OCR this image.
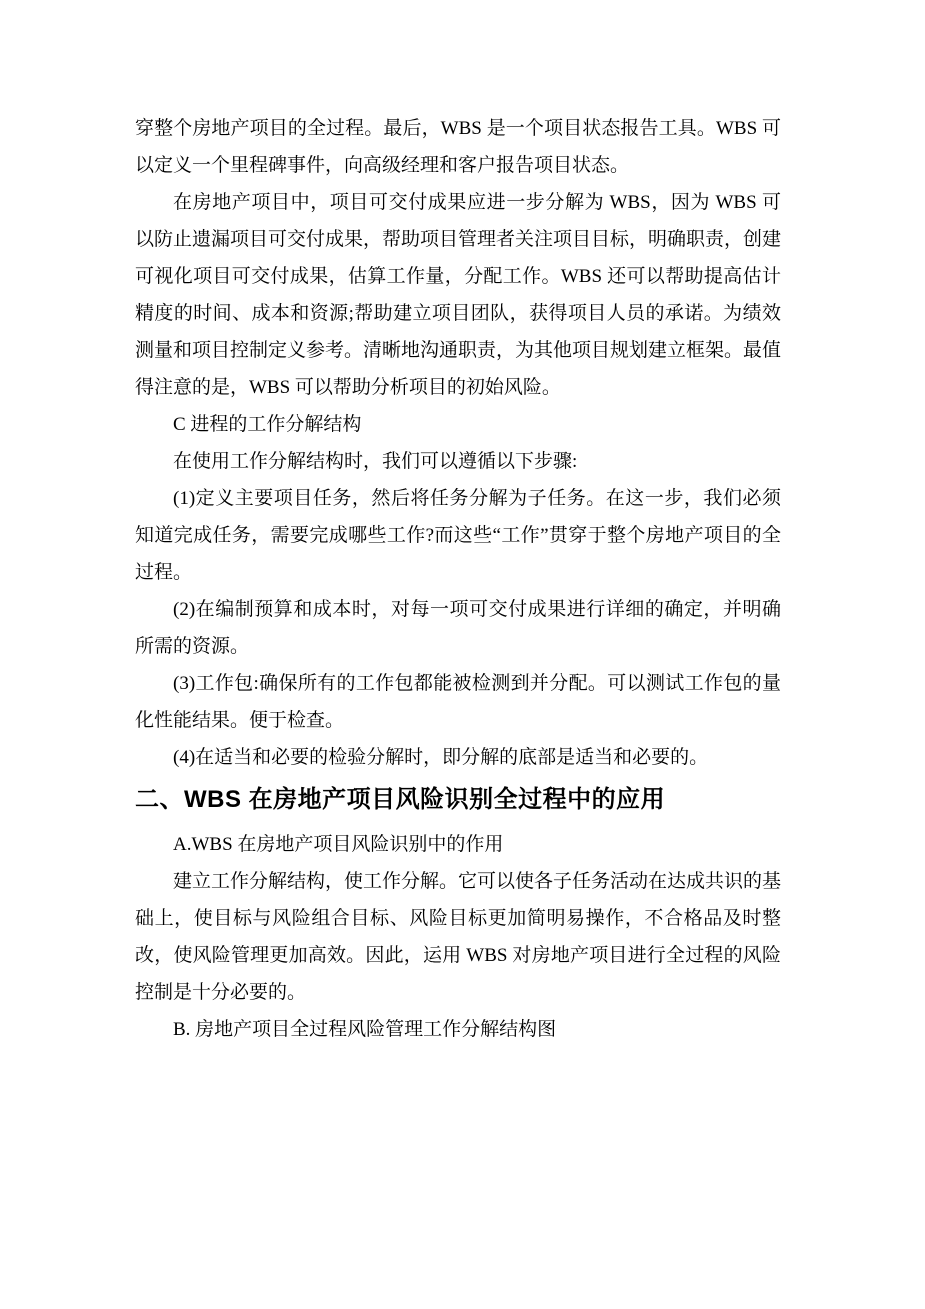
穿整个房地产项目的全过程。最后，WBS 是一个项目状态报告工具。WBS 可以定义一个里程碑事件，向高级经理和客户报告项目状态。

在房地产项目中，项目可交付成果应进一步分解为 WBS，因为 WBS 可以防止遗漏项目可交付成果，帮助项目管理者关注项目目标，明确职责，创建可视化项目可交付成果，估算工作量，分配工作。WBS 还可以帮助提高估计精度的时间、成本和资源;帮助建立项目团队，获得项目人员的承诺。为绩效测量和项目控制定义参考。清晰地沟通职责，为其他项目规划建立框架。最值得注意的是，WBS 可以帮助分析项目的初始风险。

C 进程的工作分解结构

在使用工作分解结构时，我们可以遵循以下步骤:

(1)定义主要项目任务，然后将任务分解为子任务。在这一步，我们必须知道完成任务，需要完成哪些工作?而这些“工作”贯穿于整个房地产项目的全过程。

(2)在编制预算和成本时，对每一项可交付成果进行详细的确定，并明确所需的资源。

(3)工作包:确保所有的工作包都能被检测到并分配。可以测试工作包的量化性能结果。便于检查。

(4)在适当和必要的检验分解时，即分解的底部是适当和必要的。

二、WBS 在房地产项目风险识别全过程中的应用

A.WBS 在房地产项目风险识别中的作用

建立工作分解结构，使工作分解。它可以使各子任务活动在达成共识的基础上，使目标与风险组合目标、风险目标更加简明易操作，不合格品及时整改，使风险管理更加高效。因此，运用 WBS 对房地产项目进行全过程的风险控制是十分必要的。

B. 房地产项目全过程风险管理工作分解结构图
